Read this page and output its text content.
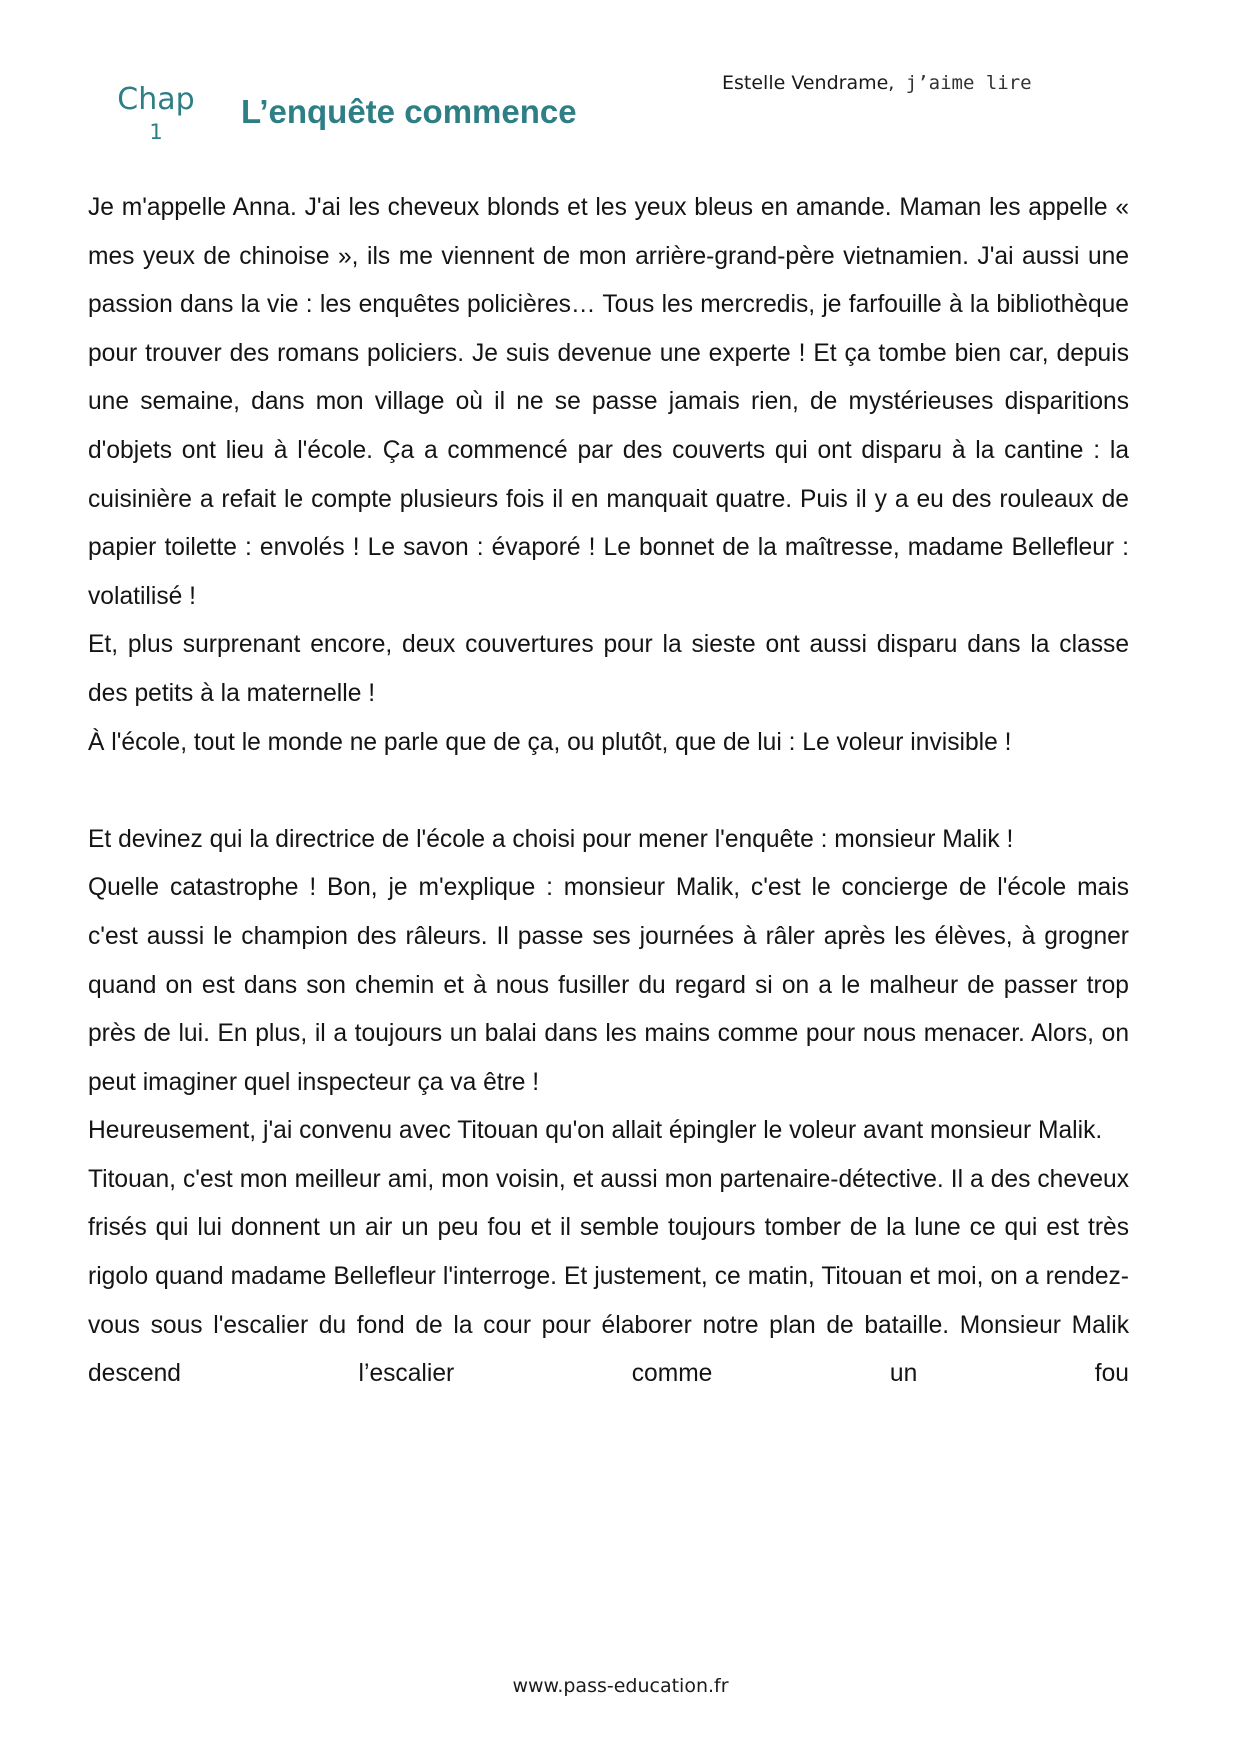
Estelle Vendrame, j’aime lire
Chap
1
L’enquête commence

Je m'appelle Anna. J'ai les cheveux blonds et les yeux bleus en amande. Maman les appelle « mes yeux de chinoise », ils me viennent de mon arrière-grand-père vietnamien. J'ai aussi une passion dans la vie : les enquêtes policières… Tous les mercredis, je farfouille à la bibliothèque pour trouver des romans policiers. Je suis devenue une experte ! Et ça tombe bien car, depuis une semaine, dans mon village où il ne se passe jamais rien, de mystérieuses disparitions d'objets ont lieu à l'école. Ça a commencé par des couverts qui ont disparu à la cantine : la cuisinière a refait le compte plusieurs fois il en manquait quatre. Puis il y a eu des rouleaux de papier toilette : envolés ! Le savon : évaporé ! Le bonnet de la maîtresse, madame Bellefleur : volatilisé !

Et, plus surprenant encore, deux couvertures pour la sieste ont aussi disparu dans la classe des petits à la maternelle !

À l'école, tout le monde ne parle que de ça, ou plutôt, que de lui : Le voleur invisible !

Et devinez qui la directrice de l'école a choisi pour mener l'enquête : monsieur Malik !

Quelle catastrophe ! Bon, je m'explique : monsieur Malik, c'est le concierge de l'école mais c'est aussi le champion des râleurs. Il passe ses journées à râler après les élèves, à grogner quand on est dans son chemin et à nous fusiller du regard si on a le malheur de passer trop près de lui. En plus, il a toujours un balai dans les mains comme pour nous menacer. Alors, on peut imaginer quel inspecteur ça va être !

Heureusement, j'ai convenu avec Titouan qu'on allait épingler le voleur avant monsieur Malik.

Titouan, c'est mon meilleur ami, mon voisin, et aussi mon partenaire-détective. Il a des cheveux frisés qui lui donnent un air un peu fou et il semble toujours tomber de la lune ce qui est très rigolo quand madame Bellefleur l'interroge. Et justement, ce matin, Titouan et moi, on a rendez-vous sous l'escalier du fond de la cour pour élaborer notre plan de bataille. Monsieur Malik descend l’escalier comme un fou

www.pass-education.fr
